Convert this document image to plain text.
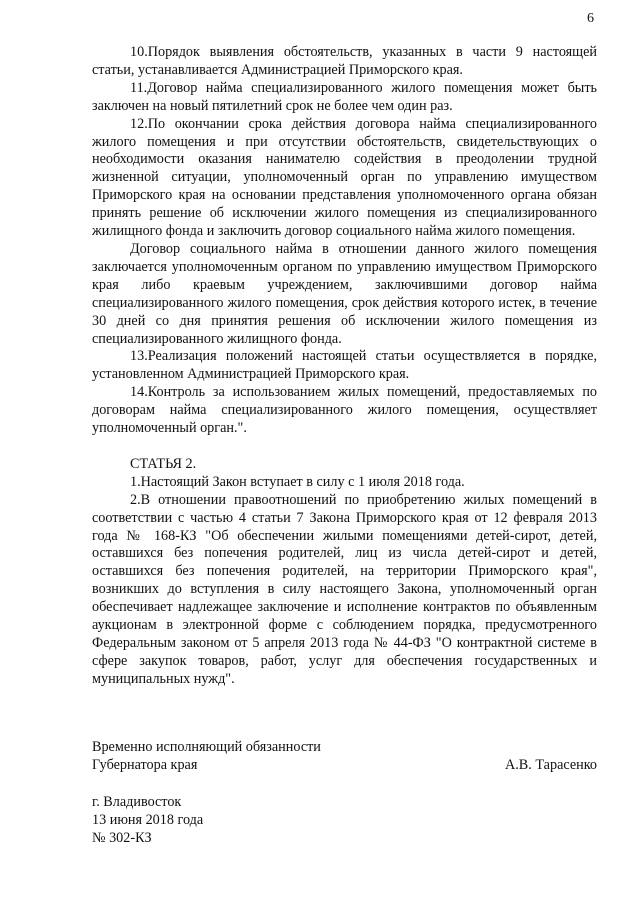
6

10.Порядок выявления обстоятельств, указанных в части 9 настоящей статьи, устанавливается Администрацией Приморского края.

11.Договор найма специализированного жилого помещения может быть заключен на новый пятилетний срок не более чем один раз.

12.По окончании срока действия договора найма специализированного жилого помещения и при отсутствии обстоятельств, свидетельствующих о необходимости оказания нанимателю содействия в преодолении трудной жизненной ситуации, уполномоченный орган по управлению имуществом Приморского края на основании представления уполномоченного органа обязан принять решение об исключении жилого помещения из специализированного жилищного фонда и заключить договор социального найма жилого помещения.

Договор социального найма в отношении данного жилого помещения заключается уполномоченным органом по управлению имуществом Приморского края либо краевым учреждением, заключившими договор найма специализированного жилого помещения, срок действия которого истек, в течение 30 дней со дня принятия решения об исключении жилого помещения из специализированного жилищного фонда.

13.Реализация положений настоящей статьи осуществляется в порядке, установленном Администрацией Приморского края.

14.Контроль за использованием жилых помещений, предоставляемых по договорам найма специализированного жилого помещения, осуществляет уполномоченный орган.".

СТАТЬЯ 2.

1.Настоящий Закон вступает в силу с 1 июля 2018 года.

2.В отношении правоотношений по приобретению жилых помещений в соответствии с частью 4 статьи 7 Закона Приморского края от 12 февраля 2013 года № 168-КЗ "Об обеспечении жилыми помещениями детей-сирот, детей, оставшихся без попечения родителей, лиц из числа детей-сирот и детей, оставшихся без попечения родителей, на территории Приморского края", возникших до вступления в силу настоящего Закона, уполномоченный орган обеспечивает надлежащее заключение и исполнение контрактов по объявленным аукционам в электронной форме с соблюдением порядка, предусмотренного Федеральным законом от 5 апреля 2013 года № 44-ФЗ "О контрактной системе в сфере закупок товаров, работ, услуг для обеспечения государственных и муниципальных нужд".

Временно исполняющий обязанности
Губернатора края	А.В. Тарасенко
г. Владивосток
13 июня 2018 года
№ 302-КЗ
